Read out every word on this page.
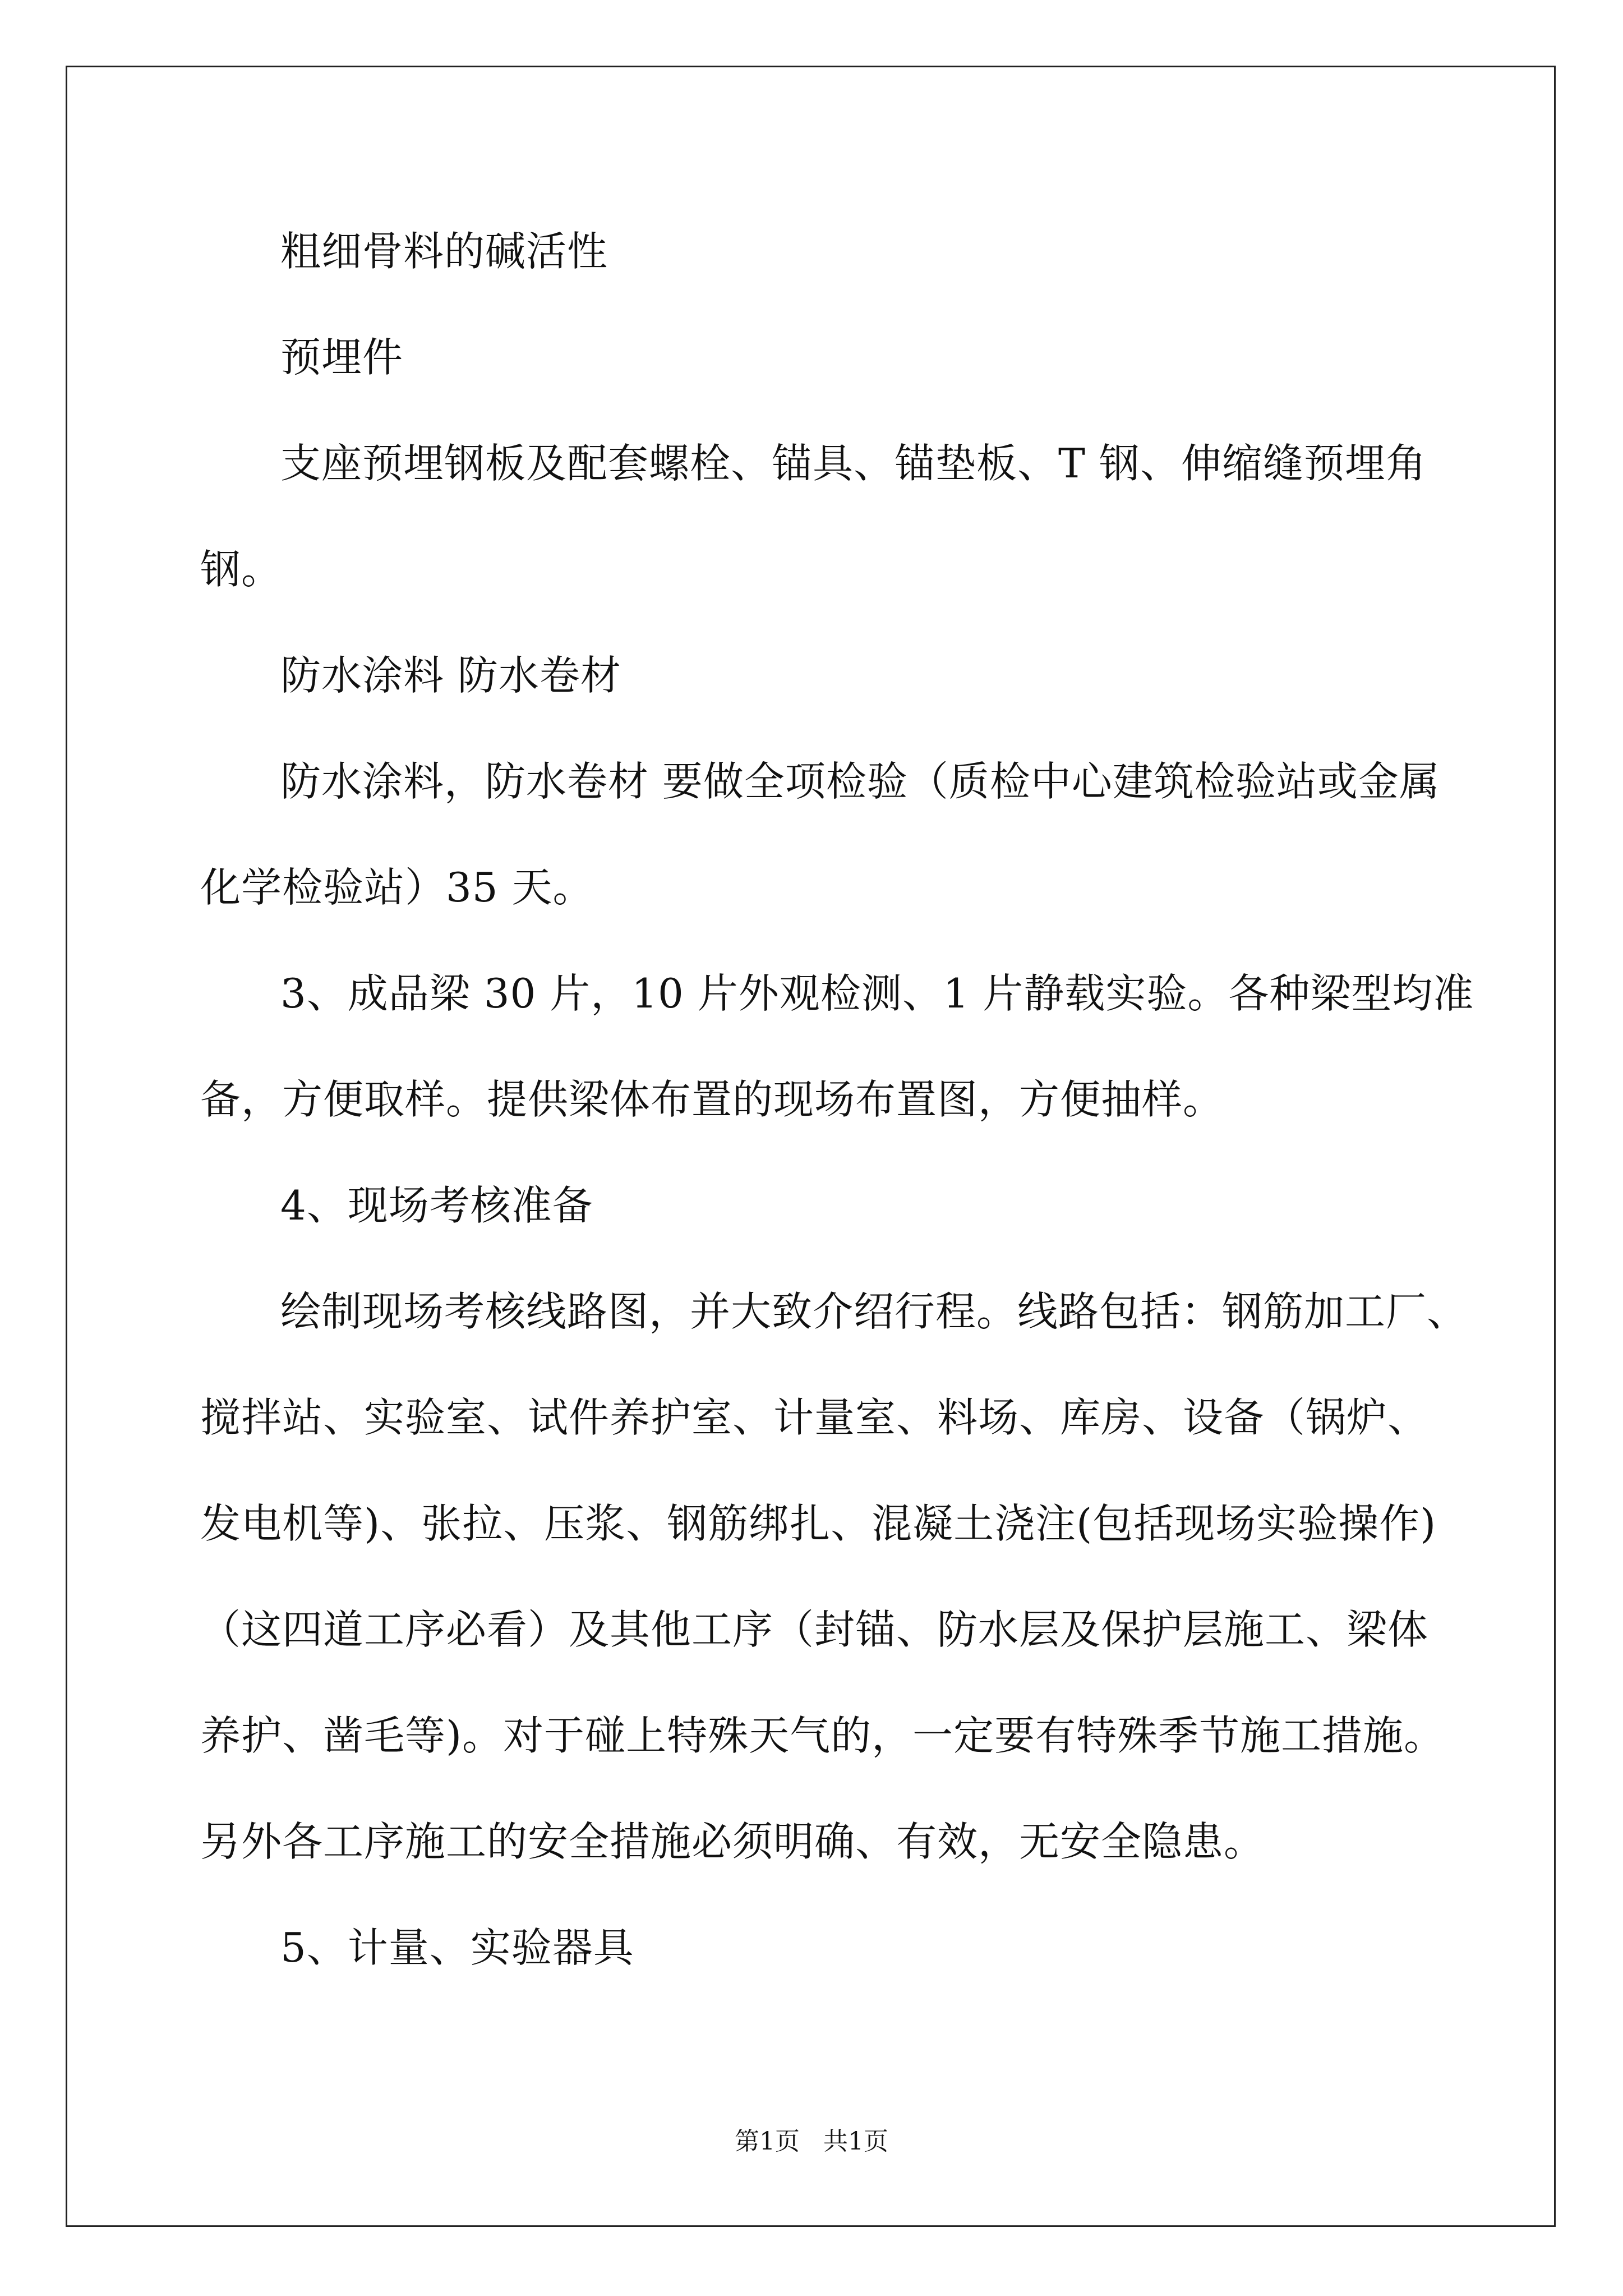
粗细骨料的碱活性
预埋件
支座预埋钢板及配套螺栓、锚具、锚垫板、T 钢、伸缩缝预埋角
钢。
防水涂料 防水卷材
防水涂料，防水卷材 要做全项检验（质检中心建筑检验站或金属
化学检验站）35 天。
3、成品梁 30 片，10 片外观检测、1 片静载实验。各种梁型均准
备，方便取样。提供梁体布置的现场布置图，方便抽样。
4、现场考核准备
绘制现场考核线路图，并大致介绍行程。线路包括：钢筋加工厂、
搅拌站、实验室、试件养护室、计量室、料场、库房、设备（锅炉、
发电机等)、张拉、压浆、钢筋绑扎、混凝土浇注(包括现场实验操作)
（这四道工序必看）及其他工序（封锚、防水层及保护层施工、梁体
养护、凿毛等)。对于碰上特殊天气的，一定要有特殊季节施工措施。
另外各工序施工的安全措施必须明确、有效，无安全隐患。
5、计量、实验器具
第1页   共1页
